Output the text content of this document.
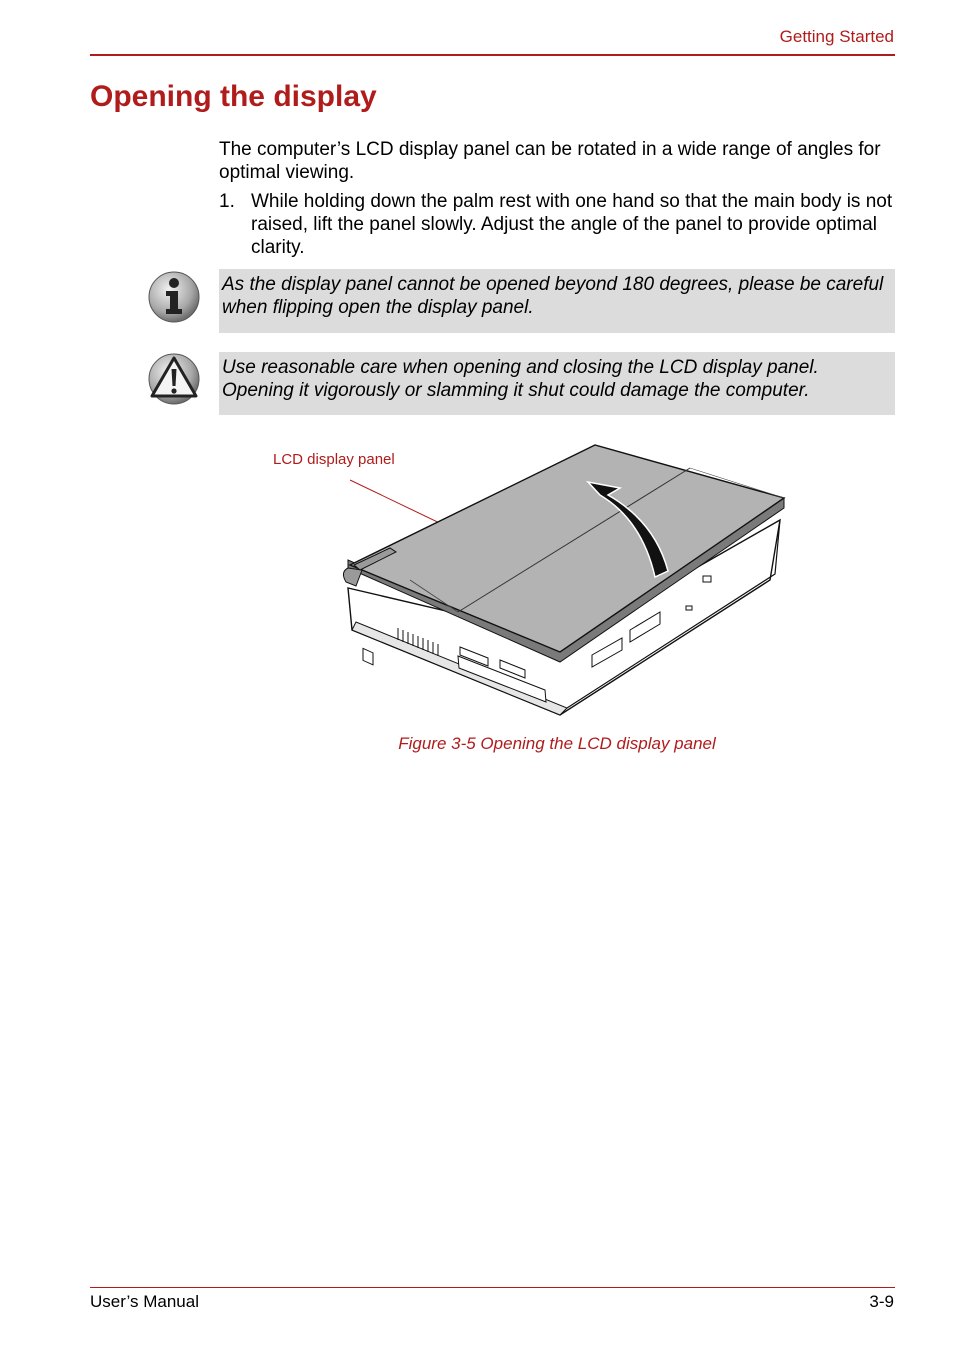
Getting Started
Opening the display

The computer’s LCD display panel can be rotated in a wide range of angles for optimal viewing.

1. While holding down the palm rest with one hand so that the main body is not raised, lift the panel slowly. Adjust the angle of the panel to provide optimal clarity.
As the display panel cannot be opened beyond 180 degrees, please be careful when flipping open the display panel.
Use reasonable care when opening and closing the LCD display panel. Opening it vigorously or slamming it shut could damage the computer.
LCD display panel
Figure 3-5 Opening the LCD display panel
User’s Manual	3-9
